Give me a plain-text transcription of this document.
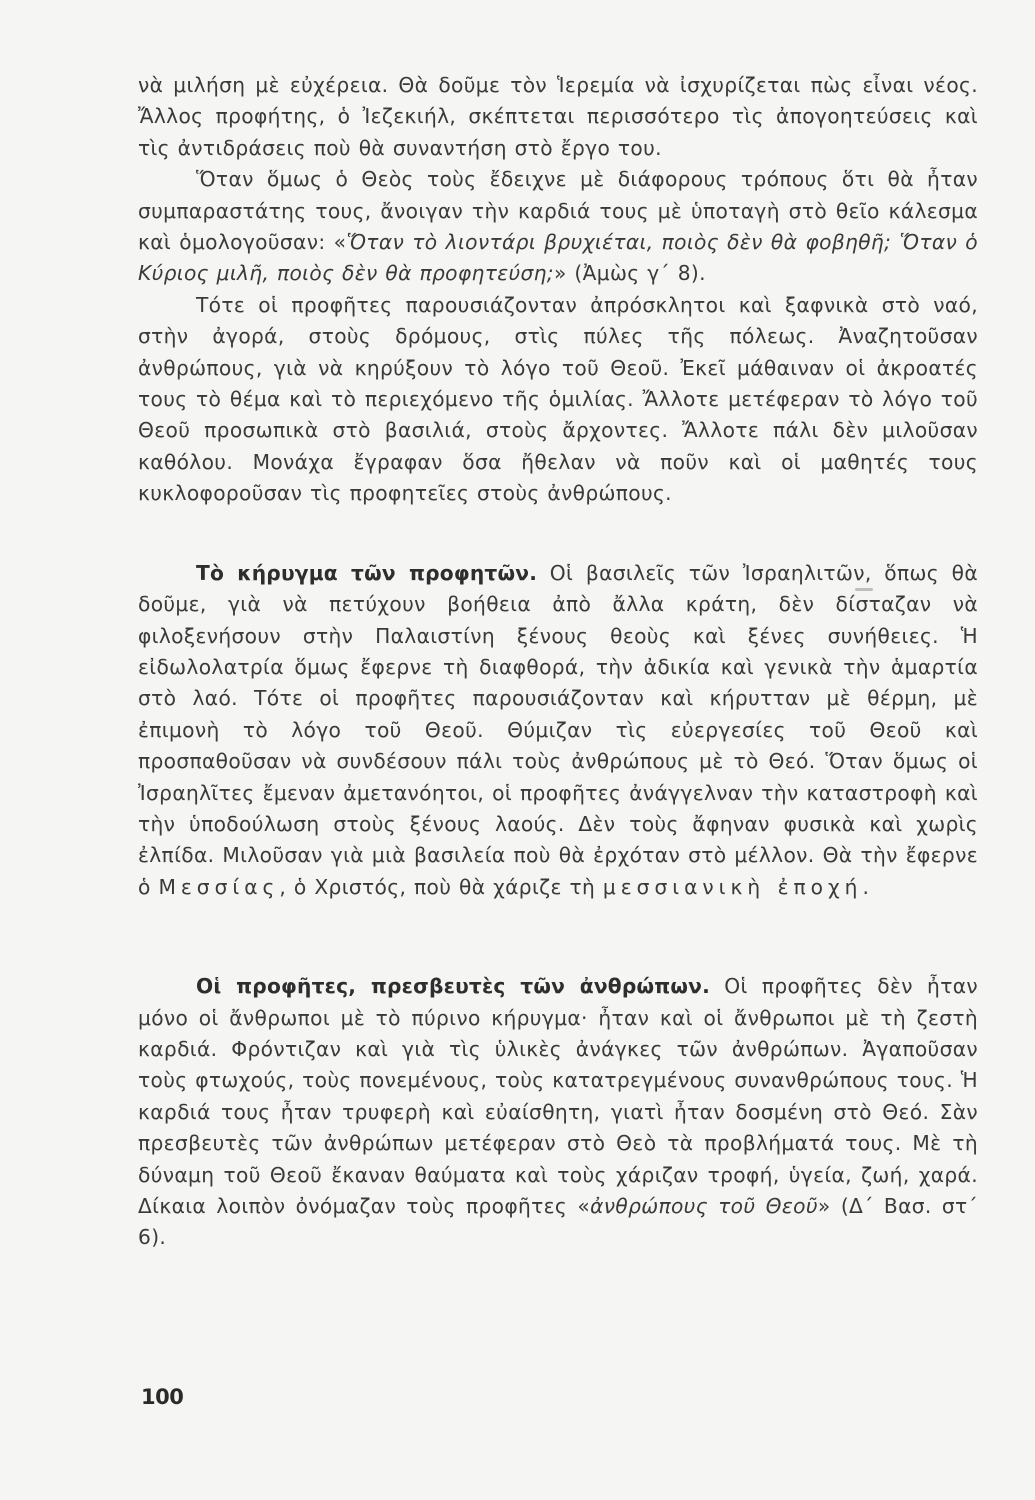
νὰ μιλήση μὲ εὐχέρεια. Θὰ δοῦμε τὸν Ἱερεμία νὰ ἰσχυρίζεται πὼς εἶναι νέος. Ἄλλος προφήτης, ὁ Ἰεζεκιήλ, σκέπτεται περισσότερο τὶς ἀπογοητεύσεις καὶ τὶς ἀντιδράσεις ποὺ θὰ συναντήση στὸ ἔργο του.

Ὅταν ὅμως ὁ Θεὸς τοὺς ἔδειχνε μὲ διάφορους τρόπους ὅτι θὰ ἦταν συμπαραστάτης τους, ἄνοιγαν τὴν καρδιά τους μὲ ὑποταγὴ στὸ θεῖο κάλεσμα καὶ ὁμολογοῦσαν: «Ὅταν τὸ λιοντάρι βρυχιέται, ποιὸς δὲν θὰ φοβηθῆ; Ὅταν ὁ Κύριος μιλῆ, ποιὸς δὲν θὰ προφητεύση;» (Ἀμὼς γ΄ 8).

Τότε οἱ προφῆτες παρουσιάζονταν ἀπρόσκλητοι καὶ ξαφνικὰ στὸ ναό, στὴν ἀγορά, στοὺς δρόμους, στὶς πύλες τῆς πόλεως. Ἀναζητοῦσαν ἀνθρώπους, γιὰ νὰ κηρύξουν τὸ λόγο τοῦ Θεοῦ. Ἐκεῖ μάθαιναν οἱ ἀκροατές τους τὸ θέμα καὶ τὸ περιεχόμενο τῆς ὁμιλίας. Ἄλλοτε μετέφεραν τὸ λόγο τοῦ Θεοῦ προσωπικὰ στὸ βασιλιά, στοὺς ἄρχοντες. Ἄλλοτε πάλι δὲν μιλοῦσαν καθόλου. Μονάχα ἔγραφαν ὅσα ἤθελαν νὰ ποῦν καὶ οἱ μαθητές τους κυκλοφοροῦσαν τὶς προφητεῖες στοὺς ἀνθρώπους.

Τὸ κήρυγμα τῶν προφητῶν. Οἱ βασιλεῖς τῶν Ἰσραηλιτῶν, ὅπως θὰ δοῦμε, γιὰ νὰ πετύχουν βοήθεια ἀπὸ ἄλλα κράτη, δὲν δίσταζαν νὰ φιλοξενήσουν στὴν Παλαιστίνη ξένους θεοὺς καὶ ξένες συνήθειες. Ἡ εἰδωλολατρία ὅμως ἔφερνε τὴ διαφθορά, τὴν ἀδικία καὶ γενικὰ τὴν ἁμαρτία στὸ λαό. Τότε οἱ προφῆτες παρουσιάζονταν καὶ κήρυτταν μὲ θέρμη, μὲ ἐπιμονὴ τὸ λόγο τοῦ Θεοῦ. Θύμιζαν τὶς εὐεργεσίες τοῦ Θεοῦ καὶ προσπαθοῦσαν νὰ συνδέσουν πάλι τοὺς ἀνθρώπους μὲ τὸ Θεό. Ὅταν ὅμως οἱ Ἰσραηλῖτες ἔμεναν ἀμετανόητοι, οἱ προφῆτες ἀνάγγελναν τὴν καταστροφὴ καὶ τὴν ὑποδούλωση στοὺς ξένους λαούς. Δὲν τοὺς ἄφηναν φυσικὰ καὶ χωρὶς ἐλπίδα. Μιλοῦσαν γιὰ μιὰ βασιλεία ποὺ θὰ ἐρχόταν στὸ μέλλον. Θὰ τὴν ἔφερνε ὁ Μεσσίας, ὁ Χριστός, ποὺ θὰ χάριζε τὴ μεσσιανικὴ ἐποχή.

Οἱ προφῆτες, πρεσβευτὲς τῶν ἀνθρώπων. Οἱ προφῆτες δὲν ἦταν μόνο οἱ ἄνθρωποι μὲ τὸ πύρινο κήρυγμα· ἦταν καὶ οἱ ἄνθρωποι μὲ τὴ ζεστὴ καρδιά. Φρόντιζαν καὶ γιὰ τὶς ὑλικὲς ἀνάγκες τῶν ἀνθρώπων. Ἀγαποῦσαν τοὺς φτωχούς, τοὺς πονεμένους, τοὺς κατατρεγμένους συνανθρώπους τους. Ἡ καρδιά τους ἦταν τρυφερὴ καὶ εὐαίσθητη, γιατὶ ἦταν δοσμένη στὸ Θεό. Σὰν πρεσβευτὲς τῶν ἀνθρώπων μετέφεραν στὸ Θεὸ τὰ προβλήματά τους. Μὲ τὴ δύναμη τοῦ Θεοῦ ἔκαναν θαύματα καὶ τοὺς χάριζαν τροφή, ὑγεία, ζωή, χαρά. Δίκαια λοιπὸν ὀνόμαζαν τοὺς προφῆτες «ἀνθρώπους τοῦ Θεοῦ» (Δ΄ Βασ. στ΄ 6).

100
